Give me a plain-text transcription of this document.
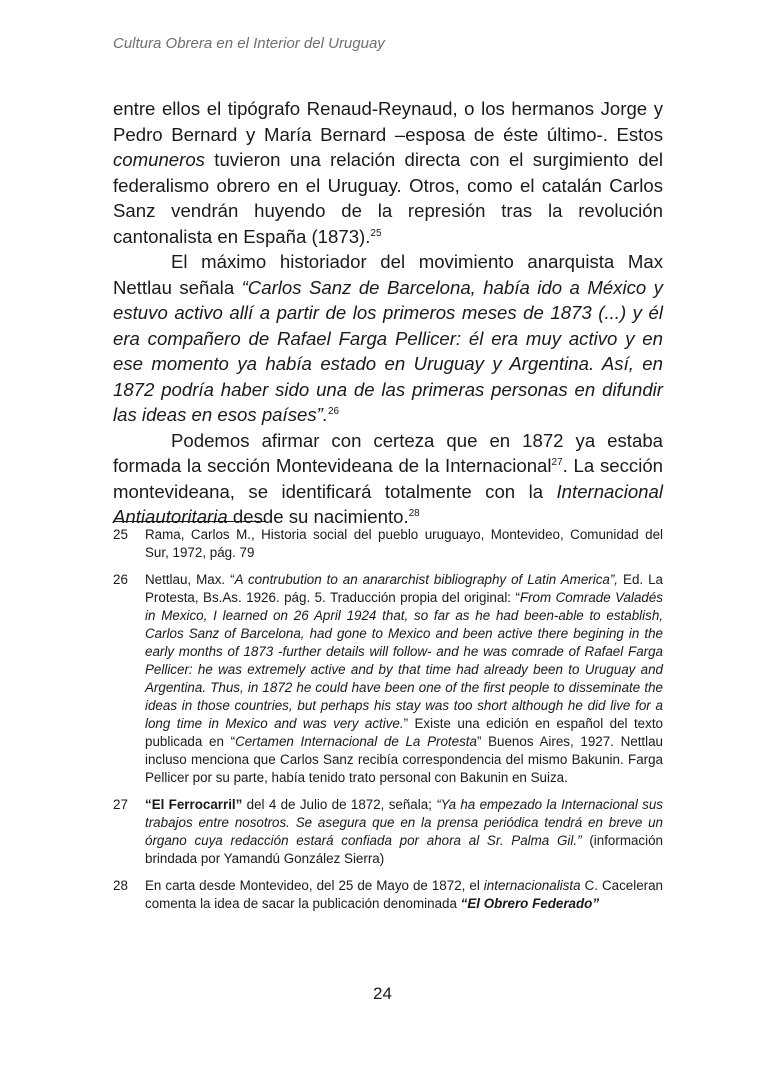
Cultura Obrera en el Interior del Uruguay

entre ellos el tipógrafo Renaud-Reynaud, o los hermanos Jorge y Pedro Bernard y María Bernard –esposa de éste último-. Estos comuneros tuvieron una relación directa con el surgimiento del federalismo obrero en el Uruguay. Otros, como el catalán Carlos Sanz vendrán huyendo de la represión tras la revolución cantonalista en España (1873).$^{25}$

El máximo historiador del movimiento anarquista Max Nettlau señala “Carlos Sanz de Barcelona, había ido a México y estuvo activo allí a partir de los primeros meses de 1873 (...) y él era compañero de Rafael Farga Pellicer: él era muy activo y en ese momento ya había estado en Uruguay y Argentina. Así, en 1872 podría haber sido una de las primeras personas en difundir las ideas en esos países”.$^{26}$

Podemos afirmar con certeza que en 1872 ya estaba formada la sección Montevideana de la Internacional$^{27}$. La sección montevideana, se identificará totalmente con la Internacional Antiautoritaria desde su nacimiento.$^{28}$

25	Rama, Carlos M., Historia social del pueblo uruguayo, Montevideo, Comunidad del Sur, 1972, pág. 79
26	Nettlau, Max. “A contrubution to an anararchist bibliography of Latin America”, Ed. La Protesta, Bs.As. 1926. pág. 5. Traducción propia del original: “From Comrade Valadés in Mexico, I learned on 26 April 1924 that, so far as he had been-able to establish, Carlos Sanz of Barcelona, had gone to Mexico and been active there begining in the early months of 1873 -further details will follow- and he was comrade of Rafael Farga Pellicer: he was extremely active and by that time had already been to Uruguay and Argentina. Thus, in 1872 he could have been one of the first people to disseminate the ideas in those countries, but perhaps his stay was too short although he did live for a long time in Mexico and was very active.” Existe una edición en español del texto publicada en “Certamen Internacional de La Protesta” Buenos Aires, 1927. Nettlau incluso menciona que Carlos Sanz recibía correspondencia del mismo Bakunin. Farga Pellicer por su parte, había tenido trato personal con Bakunin en Suiza.
27	“El Ferrocarril” del 4 de Julio de 1872, señala; “Ya ha empezado la Internacional sus trabajos entre nosotros. Se asegura que en la prensa periódica tendrá en breve un órgano cuya redacción estará confiada por ahora al Sr. Palma Gil.” (información brindada por Yamandú González Sierra)
28	En carta desde Montevideo, del 25 de Mayo de 1872, el internacionalista C. Caceleran comenta la idea de sacar la publicación denominada “El Obrero Federado”
24
